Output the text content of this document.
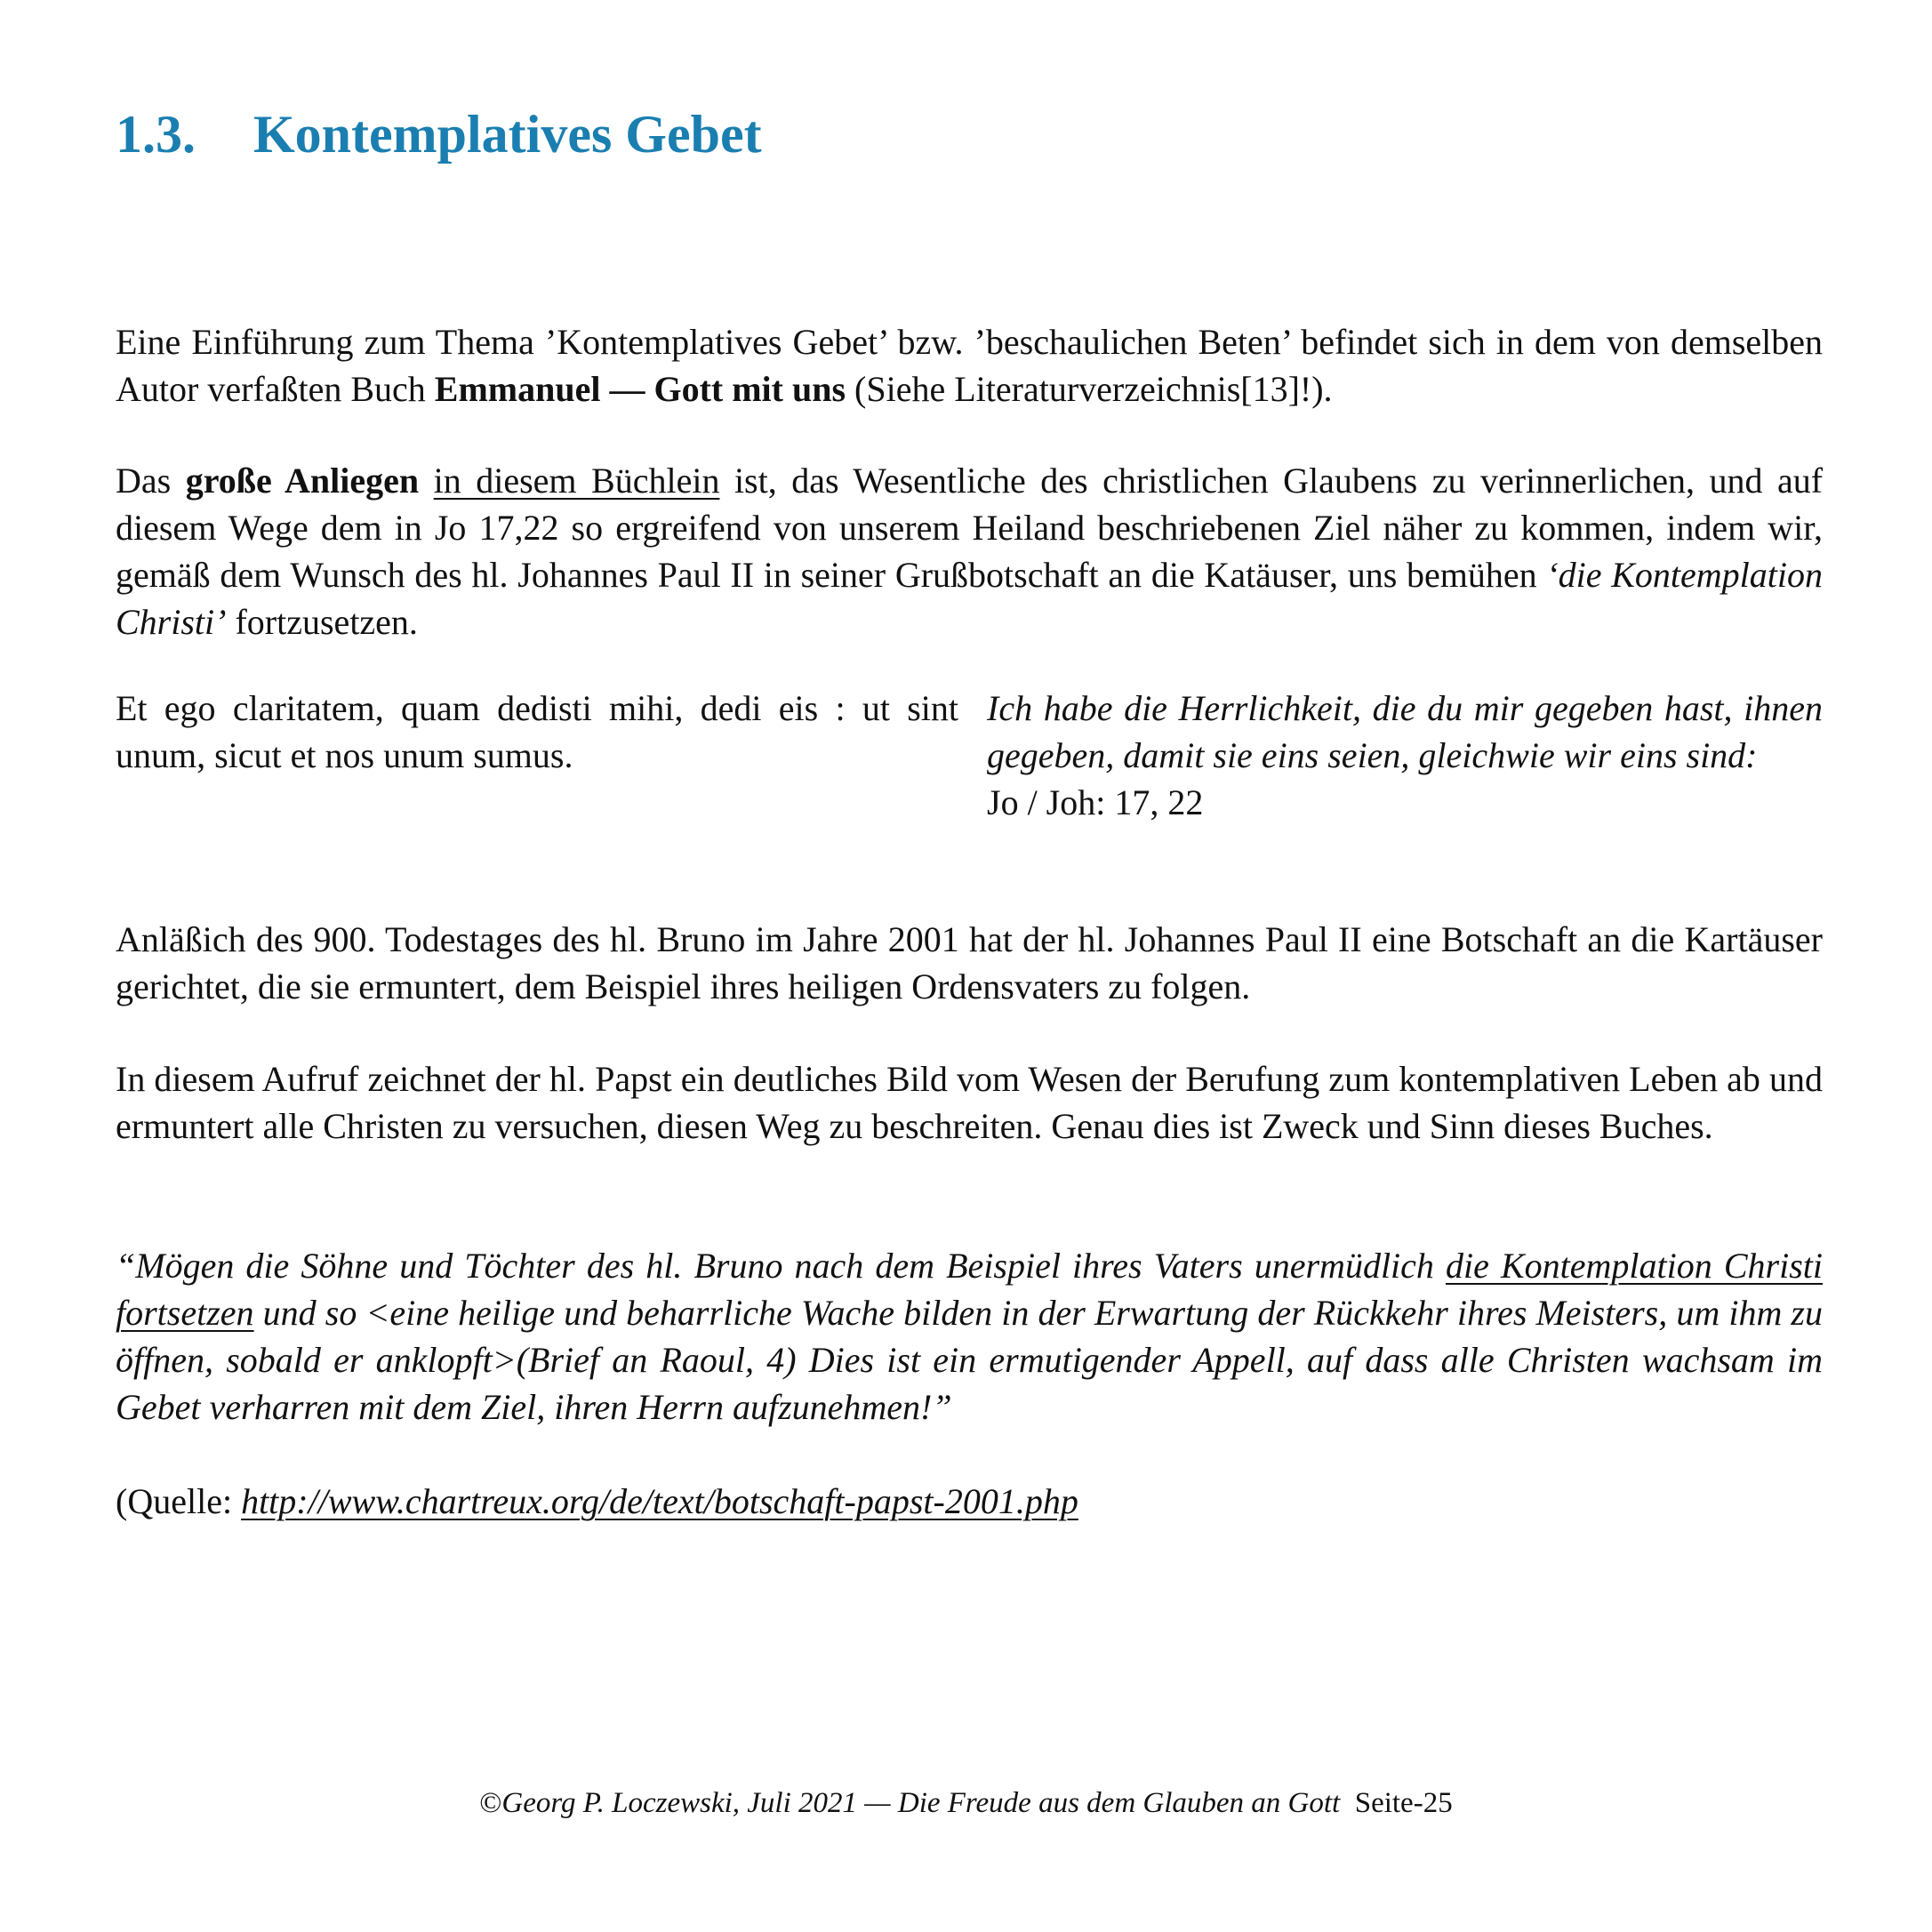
1.3. Kontemplatives Gebet

Eine Einführung zum Thema ’Kontemplatives Gebet’ bzw. ’beschaulichen Beten’ befindet sich in dem von demselben Autor verfaßten Buch Emmanuel — Gott mit uns (Siehe Literaturverzeichnis[13]!).

Das große Anliegen in diesem Büchlein ist, das Wesentliche des christlichen Glaubens zu verinnerlichen, und auf diesem Wege dem in Jo 17,22 so ergreifend von unserem Heiland beschriebenen Ziel näher zu kommen, indem wir, gemäß dem Wunsch des hl. Johannes Paul II in seiner Grußbotschaft an die Katäuser, uns bemühen ‘die Kontemplation Christi’ fortzusetzen.

Et ego claritatem, quam dedisti mihi, dedi eis : ut sint unum, sicut et nos unum sumus.

Ich habe die Herrlichkeit, die du mir gegeben hast, ihnen gegeben, damit sie eins seien, gleichwie wir eins sind:
Jo / Joh: 17, 22

Anläßich des 900. Todestages des hl. Bruno im Jahre 2001 hat der hl. Johannes Paul II eine Botschaft an die Kartäuser gerichtet, die sie ermuntert, dem Beispiel ihres heiligen Ordensvaters zu folgen.

In diesem Aufruf zeichnet der hl. Papst ein deutliches Bild vom Wesen der Berufung zum kontemplativen Leben ab und ermuntert alle Christen zu versuchen, diesen Weg zu beschreiten. Genau dies ist Zweck und Sinn dieses Buches.

“Mögen die Söhne und Töchter des hl. Bruno nach dem Beispiel ihres Vaters unermüdlich die Kontemplation Christi fortsetzen und so <eine heilige und beharrliche Wache bilden in der Erwartung der Rückkehr ihres Meisters, um ihm zu öffnen, sobald er anklopft>(Brief an Raoul, 4) Dies ist ein ermutigender Appell, auf dass alle Christen wachsam im Gebet verharren mit dem Ziel, ihren Herrn aufzunehmen!”

(Quelle: http://www.chartreux.org/de/text/botschaft-papst-2001.php

©Georg P. Loczewski, Juli 2021 — Die Freude aus dem Glauben an Gott Seite-25
